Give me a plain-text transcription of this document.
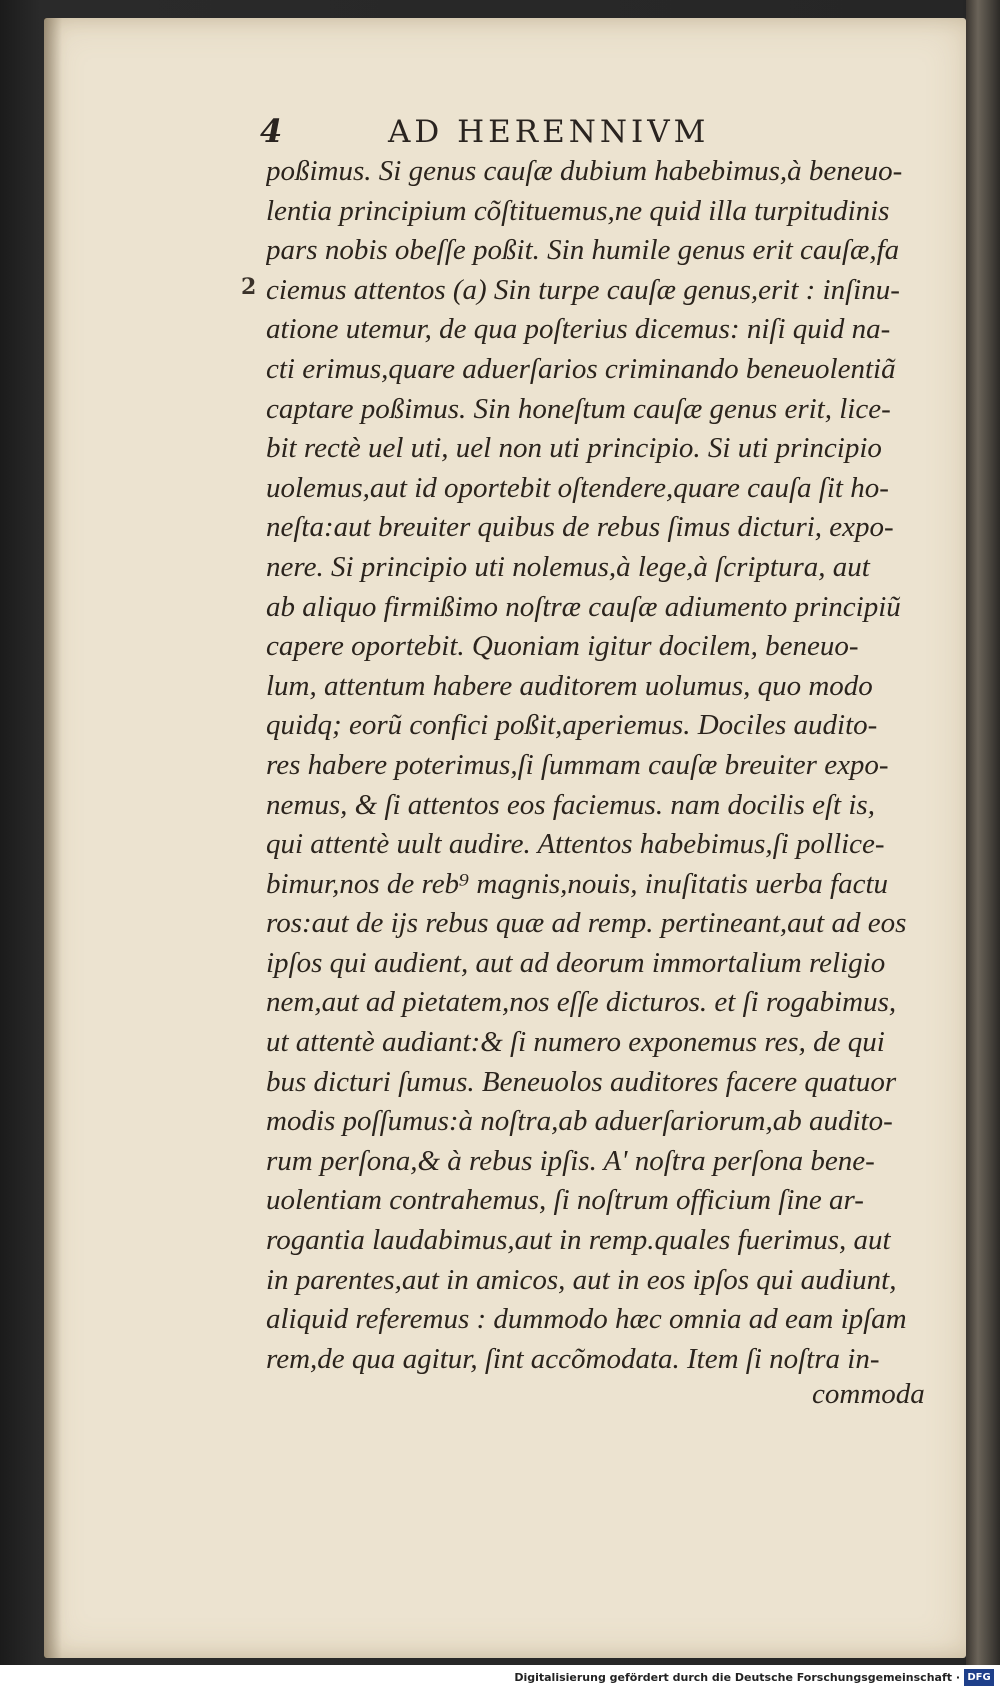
4	AD HERENNIVM
2
poßimus. Si genus cauſæ dubium habebimus,à beneuo-
lentia principium cõſtituemus,ne quid illa turpitudinis
pars nobis obeſſe poßit. Sin humile genus erit cauſæ,fa
ciemus attentos (a) Sin turpe cauſæ genus,erit : inſinu-
atione utemur, de qua poſterius dicemus: niſi quid na-
cti erimus,quare aduerſarios criminando beneuolentiã
captare poßimus. Sin honeſtum cauſæ genus erit, lice-
bit rectè uel uti, uel non uti principio. Si uti principio
uolemus,aut id oportebit oſtendere,quare cauſa ſit ho-
neſta:aut breuiter quibus de rebus ſimus dicturi, expo-
nere. Si principio uti nolemus,à lege,à ſcriptura, aut
ab aliquo firmißimo noſtræ cauſæ adiumento principiũ
capere oportebit. Quoniam igitur docilem, beneuo-
lum, attentum habere auditorem uolumus, quo modo
quidq; eorũ confici poßit,aperiemus. Dociles audito-
res habere poterimus,ſi ſummam cauſæ breuiter expo-
nemus, & ſi attentos eos faciemus. nam docilis eſt is,
qui attentè uult audire. Attentos habebimus,ſi pollice-
bimur,nos de reb⁹ magnis,nouis, inuſitatis uerba factu
ros:aut de ijs rebus quæ ad remp. pertineant,aut ad eos
ipſos qui audient, aut ad deorum immortalium religio
nem,aut ad pietatem,nos eſſe dicturos. et ſi rogabimus,
ut attentè audiant:& ſi numero exponemus res, de qui
bus dicturi ſumus. Beneuolos auditores facere quatuor
modis poſſumus:à noſtra,ab aduerſariorum,ab audito-
rum perſona,& à rebus ipſis. A' noſtra perſona bene-
uolentiam contrahemus, ſi noſtrum officium ſine ar-
rogantia laudabimus,aut in remp.quales fuerimus, aut
in parentes,aut in amicos, aut in eos ipſos qui audiunt,
aliquid referemus : dummodo hæc omnia ad eam ipſam
rem,de qua agitur, ſint accõmodata. Item ſi noſtra in-
commoda
Digitalisierung gefördert durch die Deutsche Forschungsgemeinschaft · DFG
